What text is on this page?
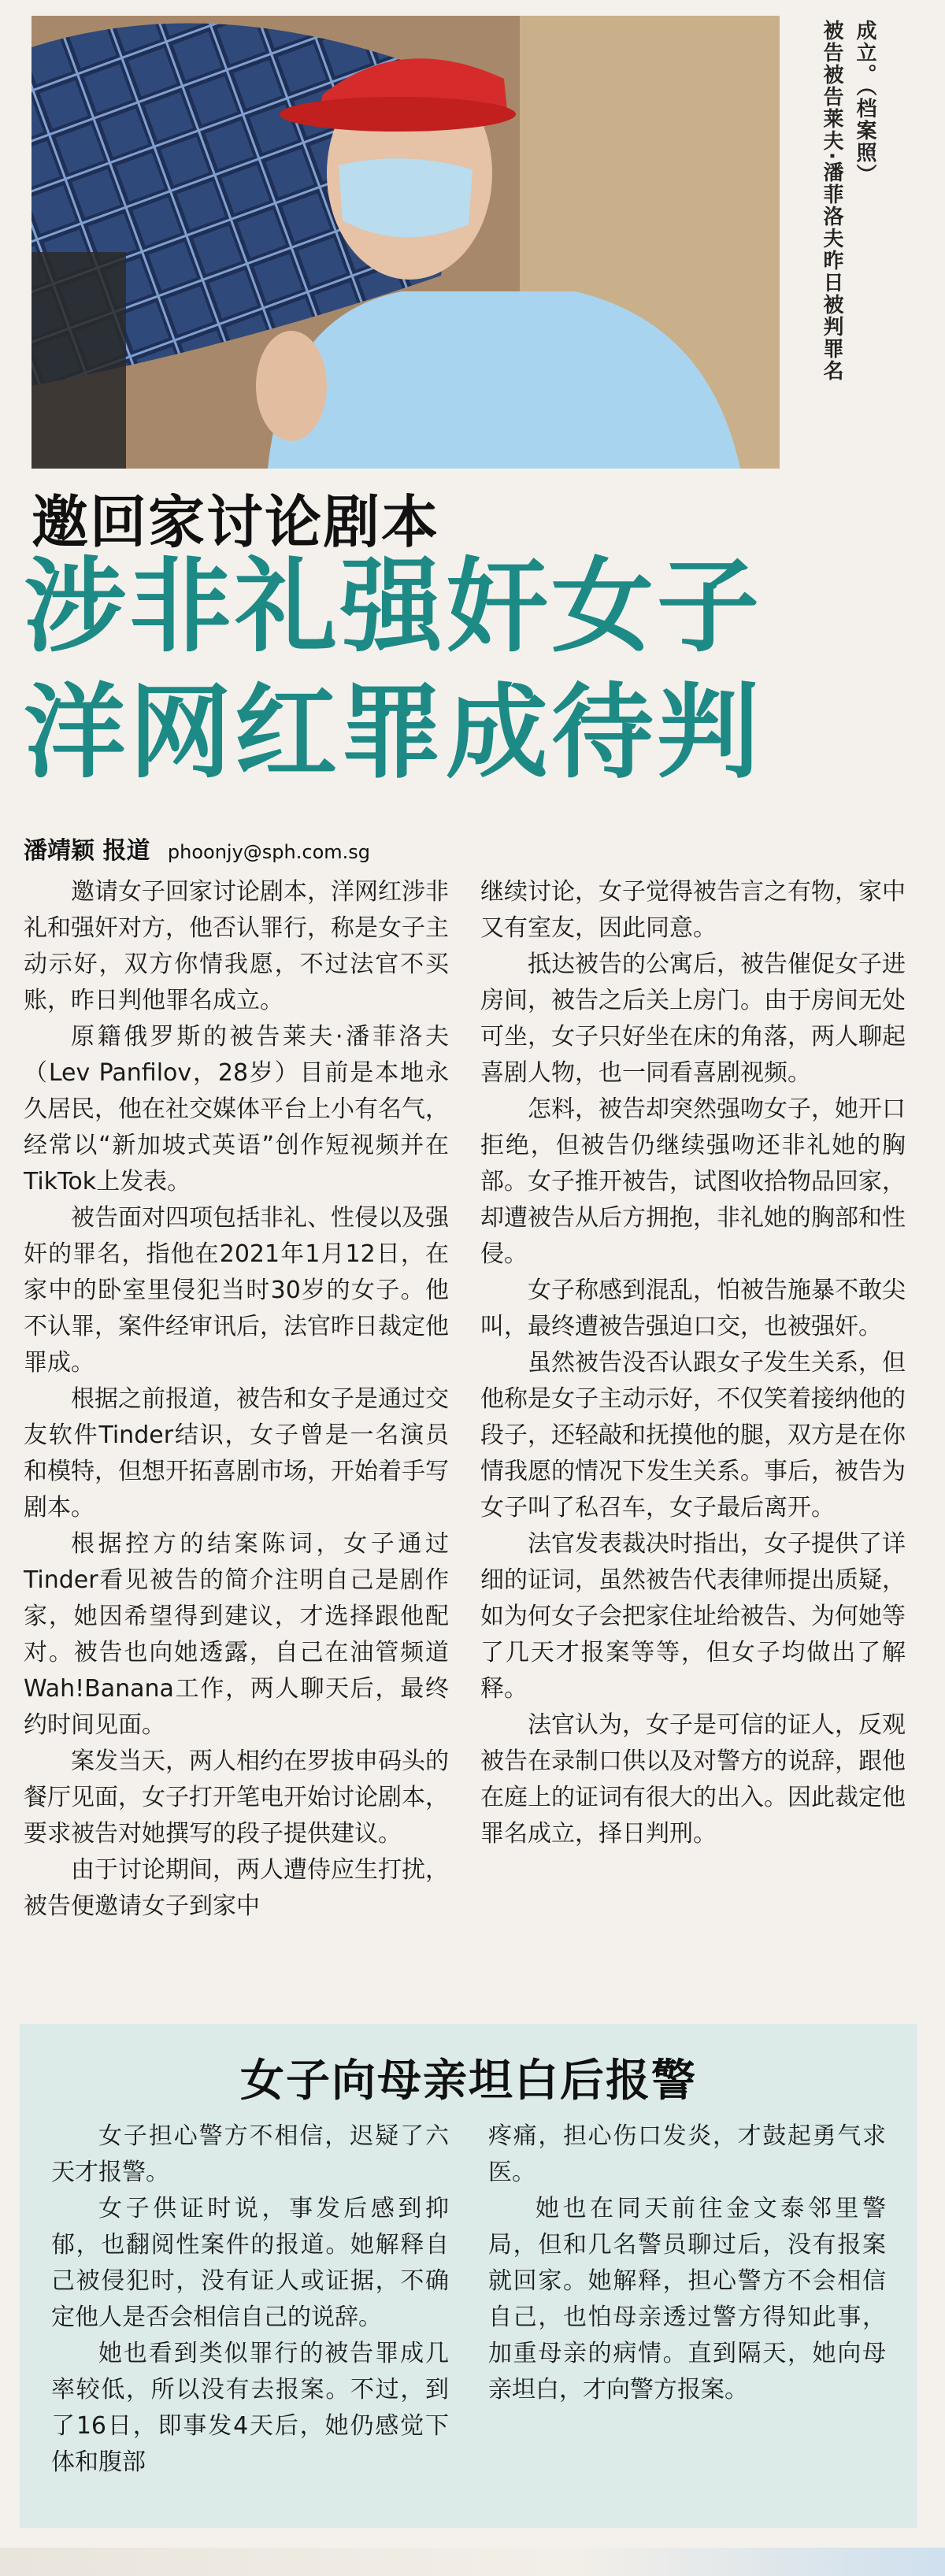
成立。（档案照）
被告被告莱夫·潘菲洛夫昨日被判罪名
邀回家讨论剧本
涉非礼强奸女子
洋网红罪成待判
潘靖颖 报道 phoonjy@sph.com.sg

邀请女子回家讨论剧本，洋网红涉非礼和强奸对方，他否认罪行，称是女子主动示好，双方你情我愿，不过法官不买账，昨日判他罪名成立。

原籍俄罗斯的被告莱夫·潘菲洛夫（Lev Panfilov，28岁）目前是本地永久居民，他在社交媒体平台上小有名气，经常以“新加坡式英语”创作短视频并在TikTok上发表。

被告面对四项包括非礼、性侵以及强奸的罪名，指他在2021年1月12日，在家中的卧室里侵犯当时30岁的女子。他不认罪，案件经审讯后，法官昨日裁定他罪成。

根据之前报道，被告和女子是通过交友软件Tinder结识，女子曾是一名演员和模特，但想开拓喜剧市场，开始着手写剧本。

根据控方的结案陈词，女子通过Tinder看见被告的简介注明自己是剧作家，她因希望得到建议，才选择跟他配对。被告也向她透露，自己在油管频道Wah!Banana工作，两人聊天后，最终约时间见面。

案发当天，两人相约在罗拔申码头的餐厅见面，女子打开笔电开始讨论剧本，要求被告对她撰写的段子提供建议。

由于讨论期间，两人遭侍应生打扰，被告便邀请女子到家中

继续讨论，女子觉得被告言之有物，家中又有室友，因此同意。

抵达被告的公寓后，被告催促女子进房间，被告之后关上房门。由于房间无处可坐，女子只好坐在床的角落，两人聊起喜剧人物，也一同看喜剧视频。

怎料，被告却突然强吻女子，她开口拒绝，但被告仍继续强吻还非礼她的胸部。女子推开被告，试图收拾物品回家，却遭被告从后方拥抱，非礼她的胸部和性侵。

女子称感到混乱，怕被告施暴不敢尖叫，最终遭被告强迫口交，也被强奸。

虽然被告没否认跟女子发生关系，但他称是女子主动示好，不仅笑着接纳他的段子，还轻敲和抚摸他的腿，双方是在你情我愿的情况下发生关系。事后，被告为女子叫了私召车，女子最后离开。

法官发表裁决时指出，女子提供了详细的证词，虽然被告代表律师提出质疑，如为何女子会把家住址给被告、为何她等了几天才报案等等，但女子均做出了解释。

法官认为，女子是可信的证人，反观被告在录制口供以及对警方的说辞，跟他在庭上的证词有很大的出入。因此裁定他罪名成立，择日判刑。

女子向母亲坦白后报警

女子担心警方不相信，迟疑了六天才报警。

女子供证时说，事发后感到抑郁，也翻阅性案件的报道。她解释自己被侵犯时，没有证人或证据，不确定他人是否会相信自己的说辞。

她也看到类似罪行的被告罪成几率较低，所以没有去报案。不过，到了16日，即事发4天后，她仍感觉下体和腹部

疼痛，担心伤口发炎，才鼓起勇气求医。

她也在同天前往金文泰邻里警局，但和几名警员聊过后，没有报案就回家。她解释，担心警方不会相信自己，也怕母亲透过警方得知此事，加重母亲的病情。直到隔天，她向母亲坦白，才向警方报案。
